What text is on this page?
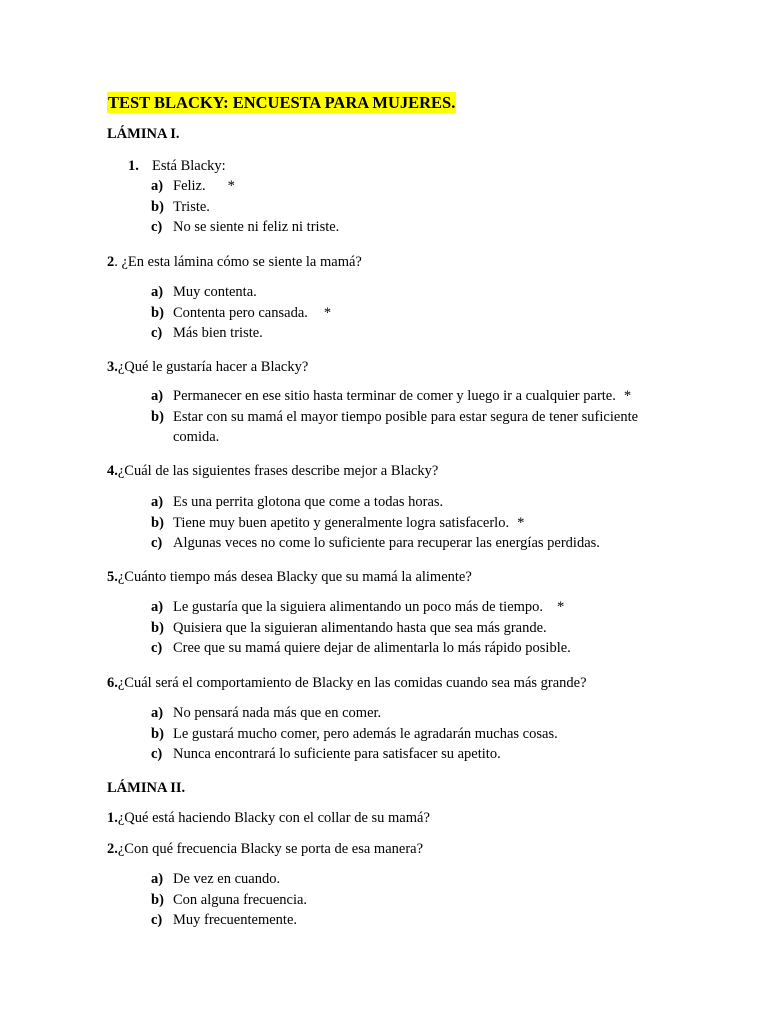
TEST BLACKY: ENCUESTA PARA MUJERES.
LÁMINA I.
1. Está Blacky:
a) Feliz. *
b) Triste.
c) No se siente ni feliz ni triste.
2. ¿En esta lámina cómo se siente la mamá?
a) Muy contenta.
b) Contenta pero cansada. *
c) Más bien triste.
3.¿Qué le gustaría hacer a Blacky?
a) Permanecer en ese sitio hasta terminar de comer y luego ir a cualquier parte. *
b) Estar con su mamá el mayor tiempo posible para estar segura de tener suficiente comida.
4.¿Cuál de las siguientes frases describe mejor a Blacky?
a) Es una perrita glotona que come a todas horas.
b) Tiene muy buen apetito y generalmente logra satisfacerlo. *
c) Algunas veces no come lo suficiente para recuperar las energías perdidas.
5.¿Cuánto tiempo más desea Blacky que su mamá la alimente?
a) Le gustaría que la siguiera alimentando un poco más de tiempo. *
b) Quisiera que la siguieran alimentando hasta que sea más grande.
c) Cree que su mamá quiere dejar de alimentarla lo más rápido posible.
6.¿Cuál será el comportamiento de Blacky en las comidas cuando sea más grande?
a) No pensará nada más que en comer.
b) Le gustará mucho comer, pero además le agradarán muchas cosas.
c) Nunca encontrará lo suficiente para satisfacer su apetito.
LÁMINA II.
1.¿Qué está haciendo Blacky con el collar de su mamá?
2.¿Con qué frecuencia Blacky se porta de esa manera?
a) De vez en cuando.
b) Con alguna frecuencia.
c) Muy frecuentemente.
